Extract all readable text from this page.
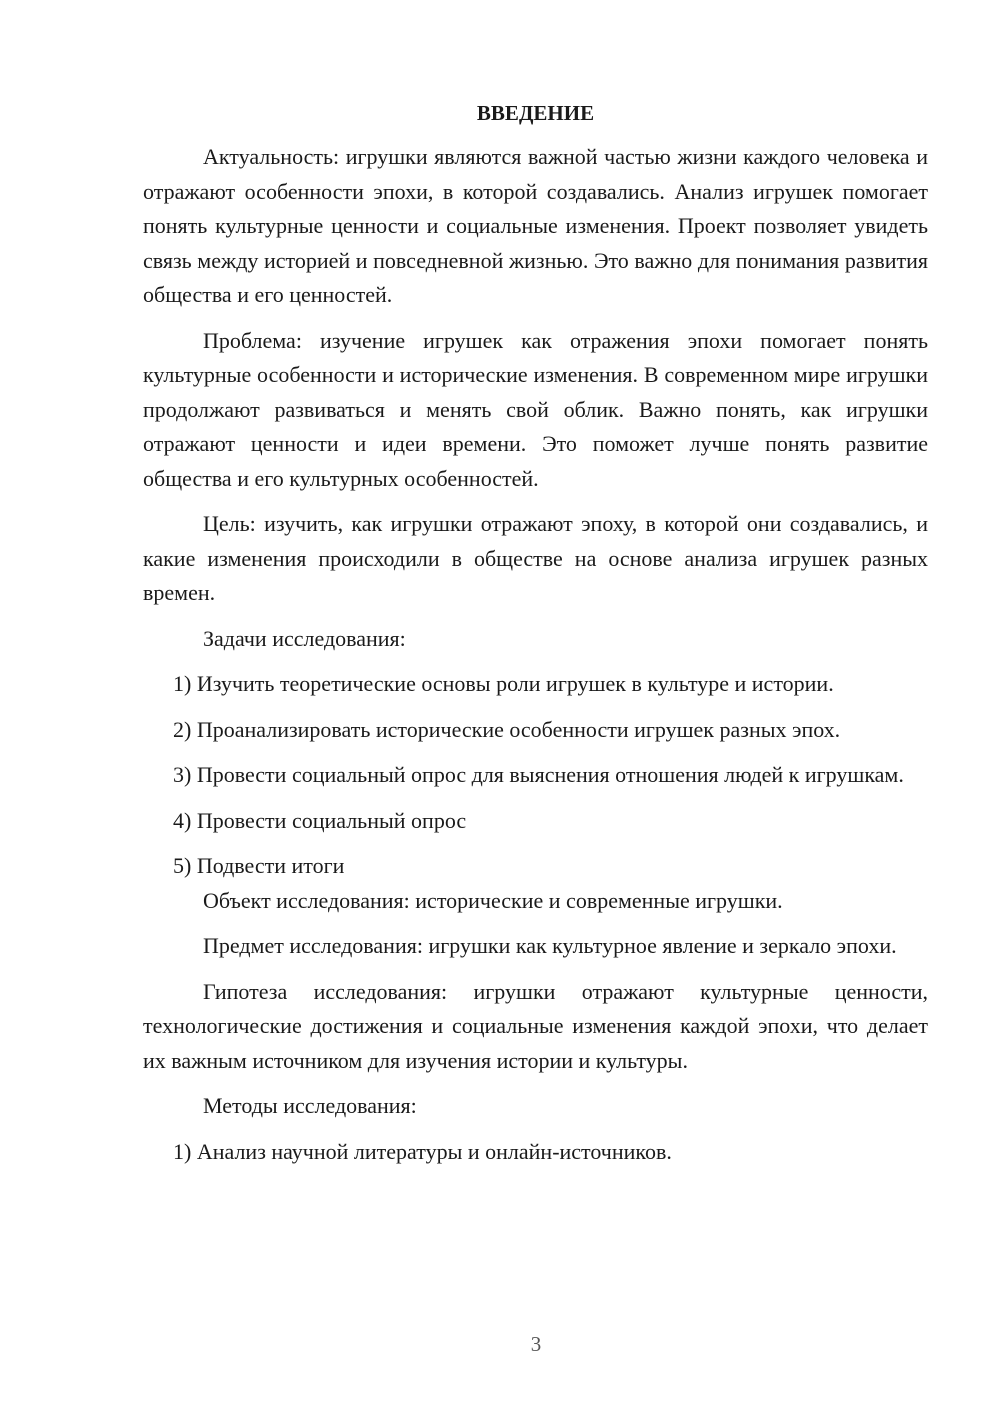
ВВЕДЕНИЕ

Актуальность: игрушки являются важной частью жизни каждого человека и отражают особенности эпохи, в которой создавались. Анализ игрушек помогает понять культурные ценности и социальные изменения. Проект позволяет увидеть связь между историей и повседневной жизнью. Это важно для понимания развития общества и его ценностей.

Проблема: изучение игрушек как отражения эпохи помогает понять культурные особенности и исторические изменения. В современном мире игрушки продолжают развиваться и менять свой облик. Важно понять, как игрушки отражают ценности и идеи времени. Это поможет лучше понять развитие общества и его культурных особенностей.

Цель: изучить, как игрушки отражают эпоху, в которой они создавались, и какие изменения происходили в обществе на основе анализа игрушек разных времен.

Задачи исследования:

1) Изучить теоретические основы роли игрушек в культуре и истории.

2) Проанализировать исторические особенности игрушек разных эпох.

3) Провести социальный опрос для выяснения отношения людей к игрушкам.

4) Провести социальный опрос

5) Подвести итоги

Объект исследования: исторические и современные игрушки.

Предмет исследования: игрушки как культурное явление и зеркало эпохи.

Гипотеза исследования: игрушки отражают культурные ценности, технологические достижения и социальные изменения каждой эпохи, что делает их важным источником для изучения истории и культуры.

Методы исследования:

1) Анализ научной литературы и онлайн-источников.

3
